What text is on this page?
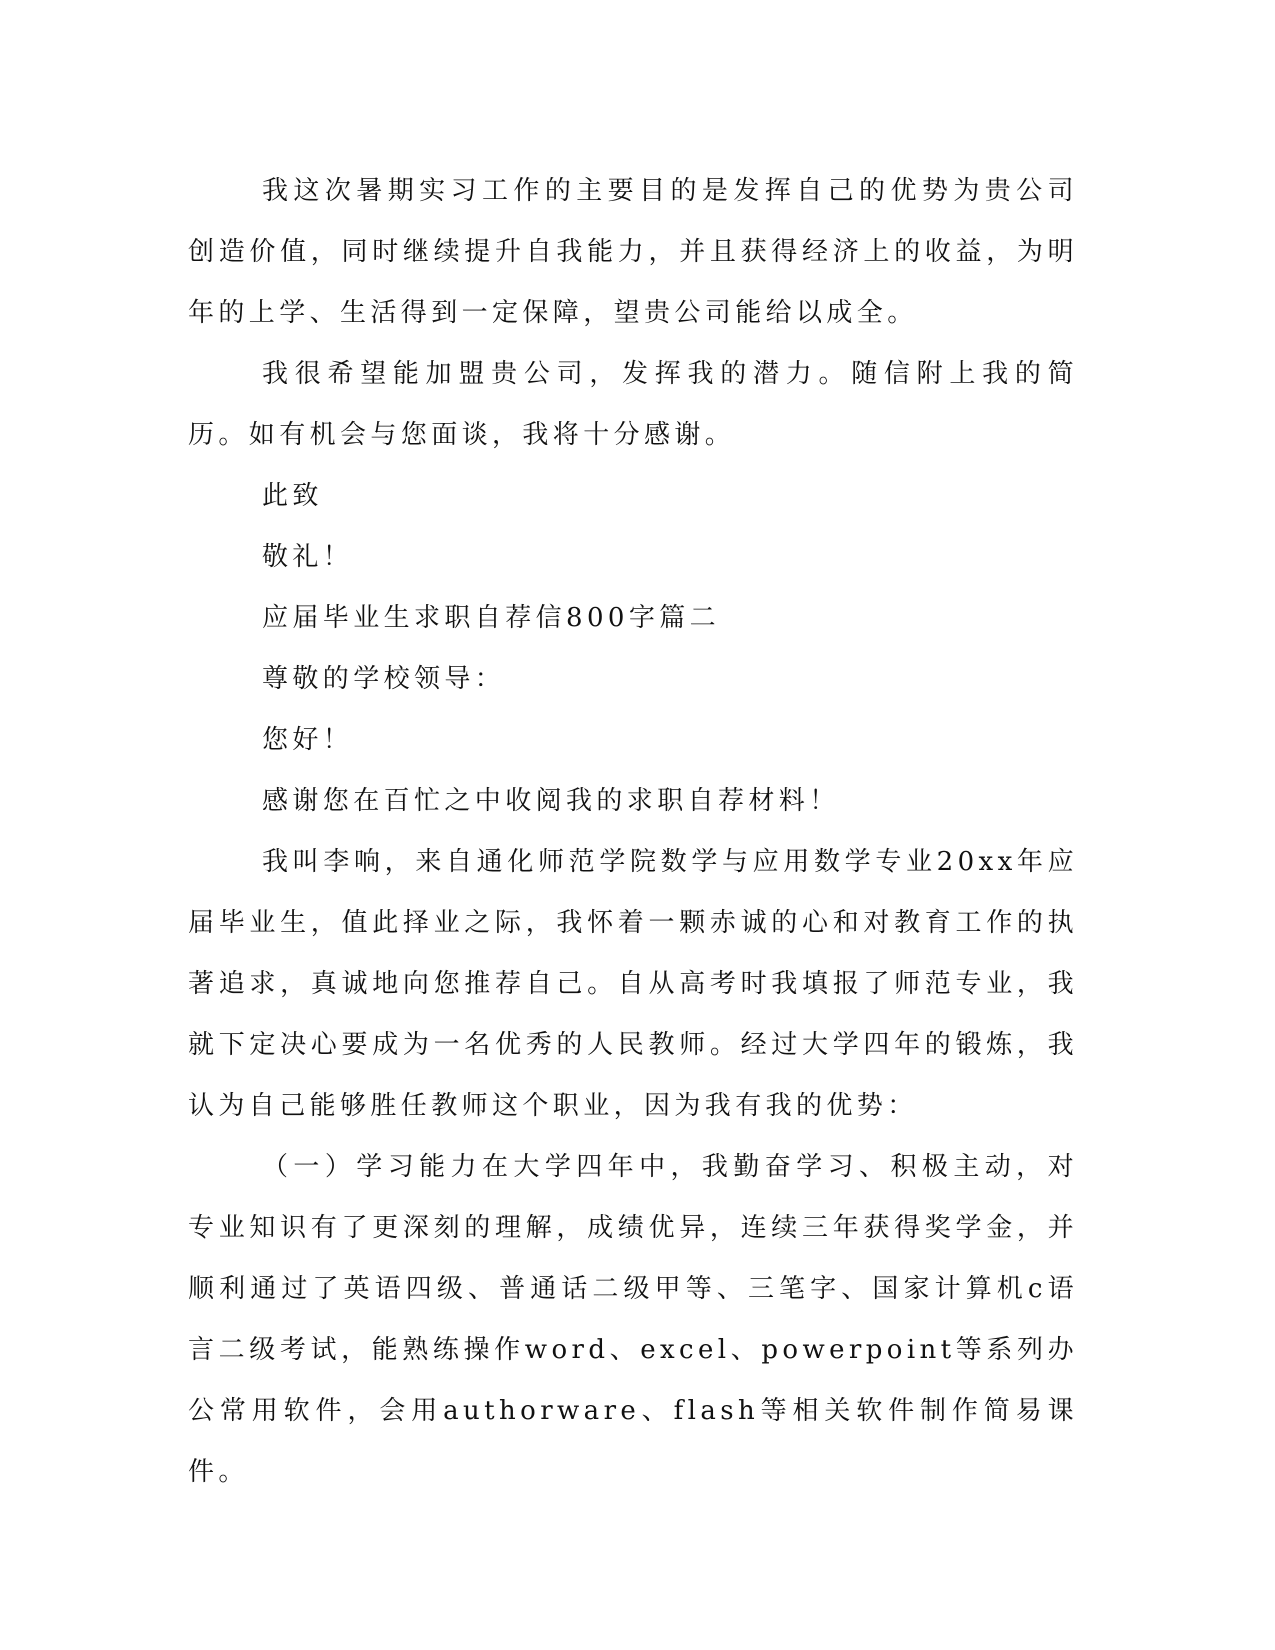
我这次暑期实习工作的主要目的是发挥自己的优势为贵公司创造价值，同时继续提升自我能力，并且获得经济上的收益，为明年的上学、生活得到一定保障，望贵公司能给以成全。

我很希望能加盟贵公司，发挥我的潜力。随信附上我的简历。如有机会与您面谈，我将十分感谢。

此致

敬礼！

应届毕业生求职自荐信800字篇二

尊敬的学校领导：

您好！

感谢您在百忙之中收阅我的求职自荐材料！

我叫李响，来自通化师范学院数学与应用数学专业20xx年应届毕业生，值此择业之际，我怀着一颗赤诚的心和对教育工作的执著追求，真诚地向您推荐自己。自从高考时我填报了师范专业，我就下定决心要成为一名优秀的人民教师。经过大学四年的锻炼，我认为自己能够胜任教师这个职业，因为我有我的优势：

（一）学习能力在大学四年中，我勤奋学习、积极主动，对专业知识有了更深刻的理解，成绩优异，连续三年获得奖学金，并顺利通过了英语四级、普通话二级甲等、三笔字、国家计算机c语言二级考试，能熟练操作word、excel、powerpoint等系列办公常用软件，会用authorware、flash等相关软件制作简易课件。
